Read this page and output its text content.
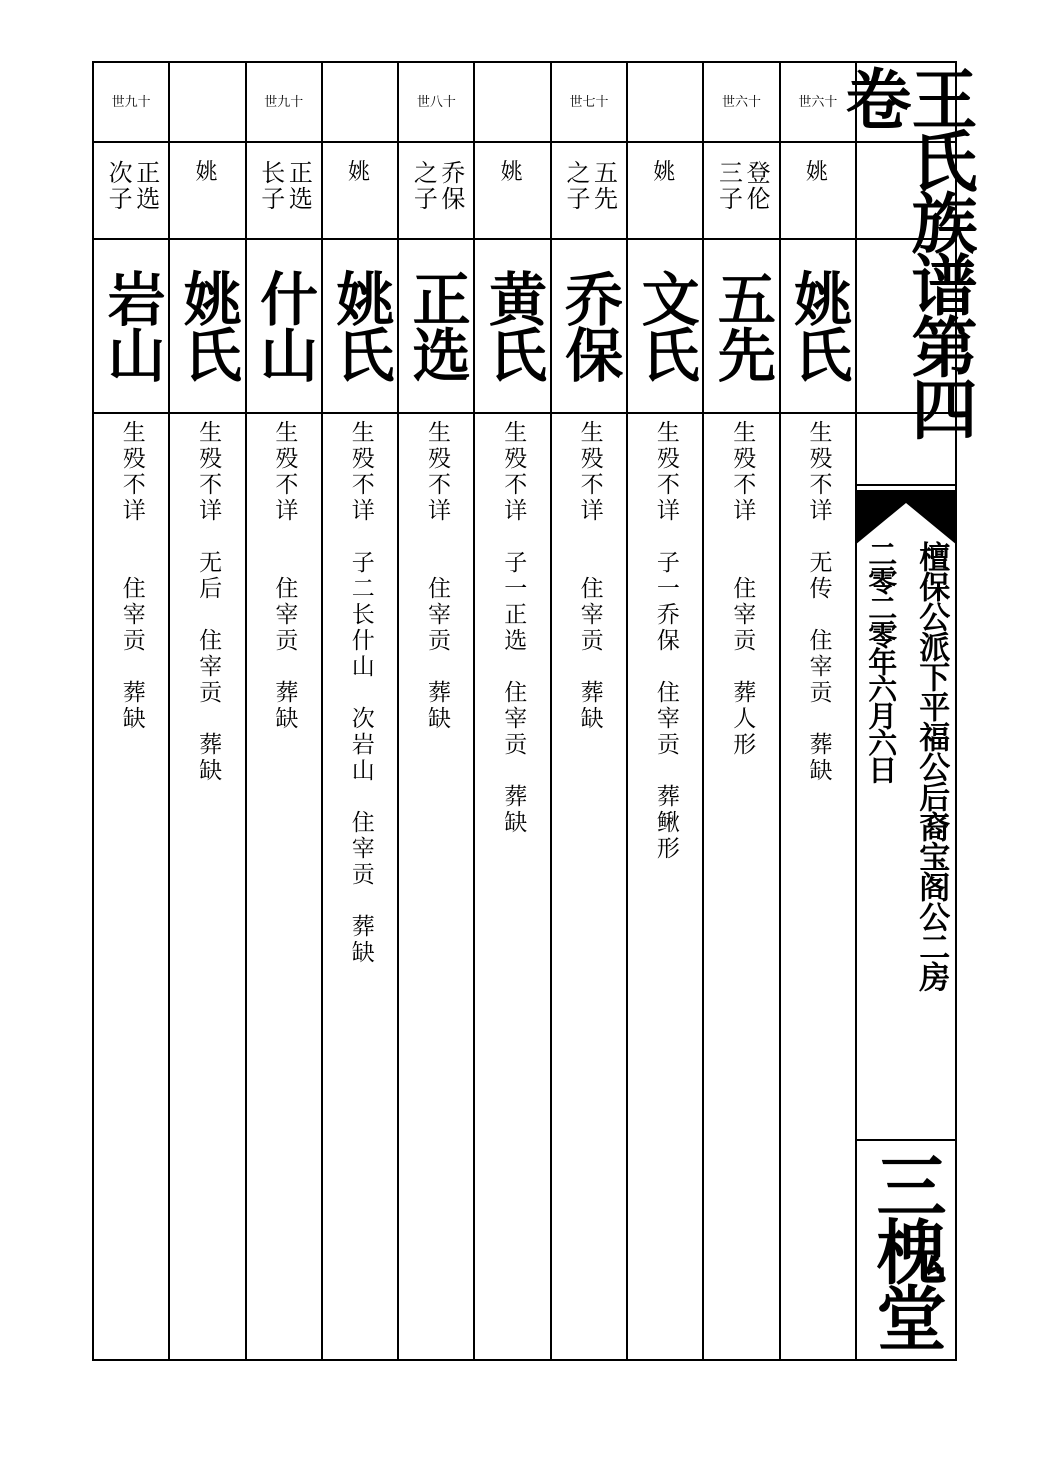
世六十
姚
姚氏
生殁不详　无传　住宰贡　葬缺
世六十
登伦三子
五先
生殁不详　　住宰贡　葬人形
姚
文氏
生殁不详　子一乔保　住宰贡　葬鳅形
世七十
五先之子
乔保
生殁不详　　住宰贡　葬缺
姚
黄氏
生殁不详　子一正选　住宰贡　葬缺
世八十
乔保之子
正选
生殁不详　　住宰贡　葬缺
姚
姚氏
生殁不详　子二长什山　次岩山　住宰贡　葬缺
世九十
正选长子
什山
生殁不详　　住宰贡　葬缺
姚
姚氏
生殁不详　无后　住宰贡　葬缺
世九十
正选次子
岩山
生殁不详　　住宰贡　葬缺
王氏族谱第四卷
檀保公派下平福公后裔宝阁公二房
二零二零年六月六日
三槐堂
